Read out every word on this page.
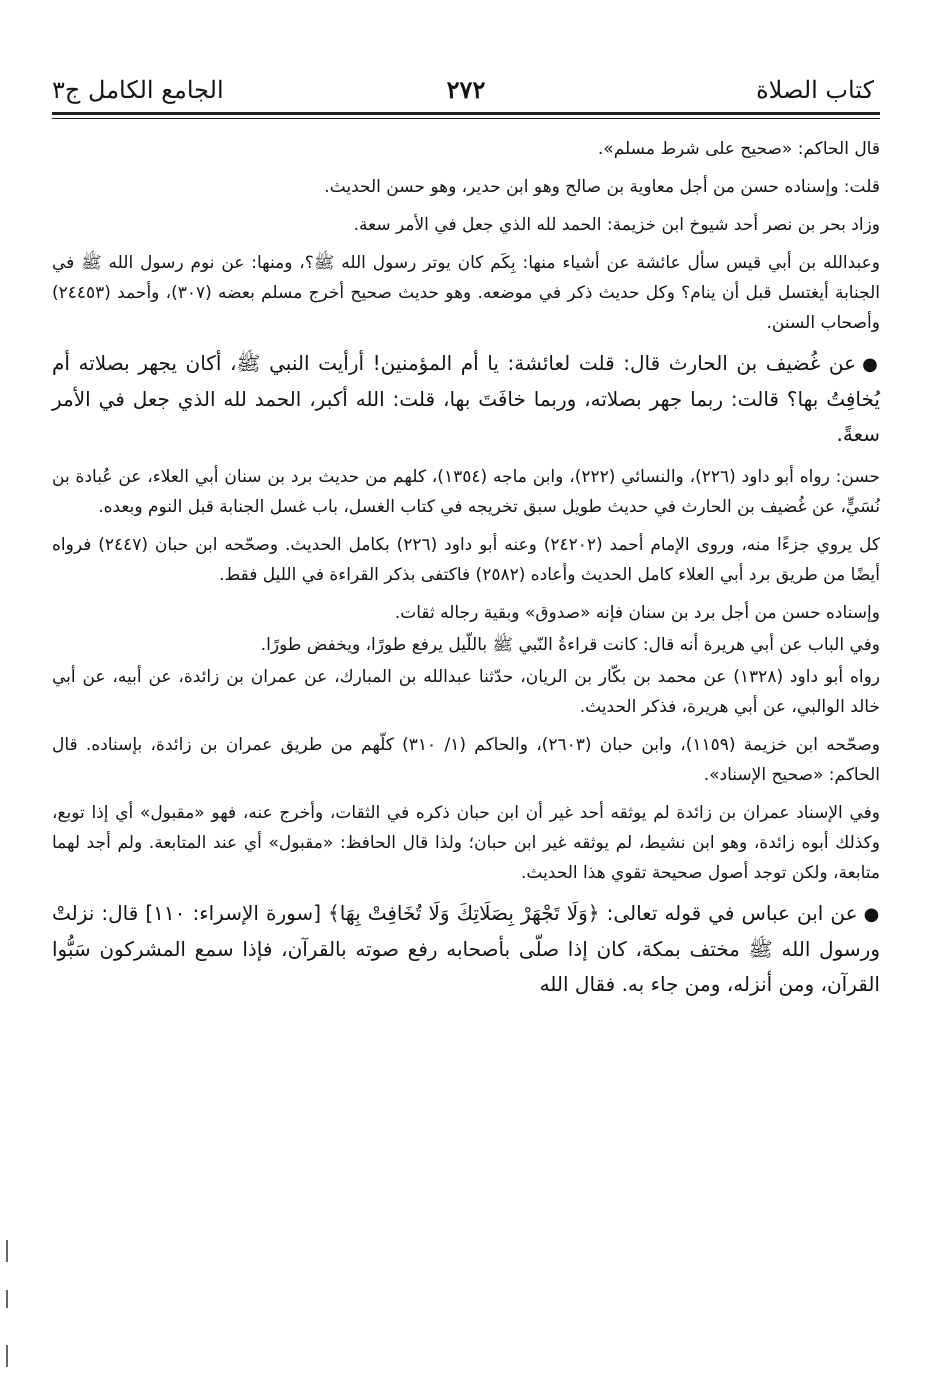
كتاب الصلاة
٢٧٢
الجامع الكامل ج٣

قال الحاكم: «صحيح على شرط مسلم».

قلت: وإسناده حسن من أجل معاوية بن صالح وهو ابن حدير، وهو حسن الحديث.

وزاد بحر بن نصر أحد شيوخ ابن خزيمة: الحمد لله الذي جعل في الأمر سعة.

وعبدالله بن أبي قيس سأل عائشة عن أشياء منها: بِكَم كان يوتر رسول الله ﷺ؟، ومنها: عن نوم رسول الله ﷺ في الجنابة أيغتسل قبل أن ينام؟ وكل حديث ذكر في موضعه. وهو حديث صحيح أخرج مسلم بعضه (٣٠٧)، وأحمد (٢٤٤٥٣) وأصحاب السنن.

●عن غُضيف بن الحارث قال: قلت لعائشة: يا أم المؤمنين! أرأيت النبي ﷺ، أكان يجهر بصلاته أم يُخافِتُ بها؟ قالت: ربما جهر بصلاته، وربما خافَتَ بها، قلت: الله أكبر، الحمد لله الذي جعل في الأمر سعةً.

حسن: رواه أبو داود (٢٢٦)، والنسائي (٢٢٢)، وابن ماجه (١٣٥٤)، كلهم من حديث برد بن سنان أبي العلاء، عن عُبادة بن نُسَيٍّ، عن غُضيف بن الحارث في حديث طويل سبق تخريجه في كتاب الغسل، باب غسل الجنابة قبل النوم وبعده.

كل يروي جزءًا منه، وروى الإمام أحمد (٢٤٢٠٢) وعنه أبو داود (٢٢٦) بكامل الحديث. وصحّحه ابن حبان (٢٤٤٧) فرواه أيضًا من طريق برد أبي العلاء كامل الحديث وأعاده (٢٥٨٢) فاكتفى بذكر القراءة في الليل فقط.

وإسناده حسن من أجل برد بن سنان فإنه «صدوق» وبقية رجاله ثقات.

وفي الباب عن أبي هريرة أنه قال: كانت قراءةُ النّبي ﷺ باللّيل يرفع طورًا، ويخفض طورًا.

رواه أبو داود (١٣٢٨) عن محمد بن بكّار بن الريان، حدّثنا عبدالله بن المبارك، عن عمران بن زائدة، عن أبيه، عن أبي خالد الوالبي، عن أبي هريرة، فذكر الحديث.

وصحّحه ابن خزيمة (١١٥٩)، وابن حبان (٢٦٠٣)، والحاكم (١/ ٣١٠) كلّهم من طريق عمران بن زائدة، بإسناده. قال الحاكم: «صحيح الإسناد».

وفي الإسناد عمران بن زائدة لم يوثقه أحد غير أن ابن حبان ذكره في الثقات، وأخرج عنه، فهو «مقبول» أي إذا توبع، وكذلك أبوه زائدة، وهو ابن نشيط، لم يوثقه غير ابن حبان؛ ولذا قال الحافظ: «مقبول» أي عند المتابعة. ولم أجد لهما متابعة، ولكن توجد أصول صحيحة تقوي هذا الحديث.

●عن ابن عباس في قوله تعالى: ﴿وَلَا تَجْهَرْ بِصَلَاتِكَ وَلَا تُخَافِتْ بِهَا﴾ [سورة الإسراء: ١١٠] قال: نزلتْ ورسول الله ﷺ مختف بمكة، كان إذا صلّى بأصحابه رفع صوته بالقرآن، فإذا سمع المشركون سَبُّوا القرآن، ومن أنزله، ومن جاء به. فقال الله
